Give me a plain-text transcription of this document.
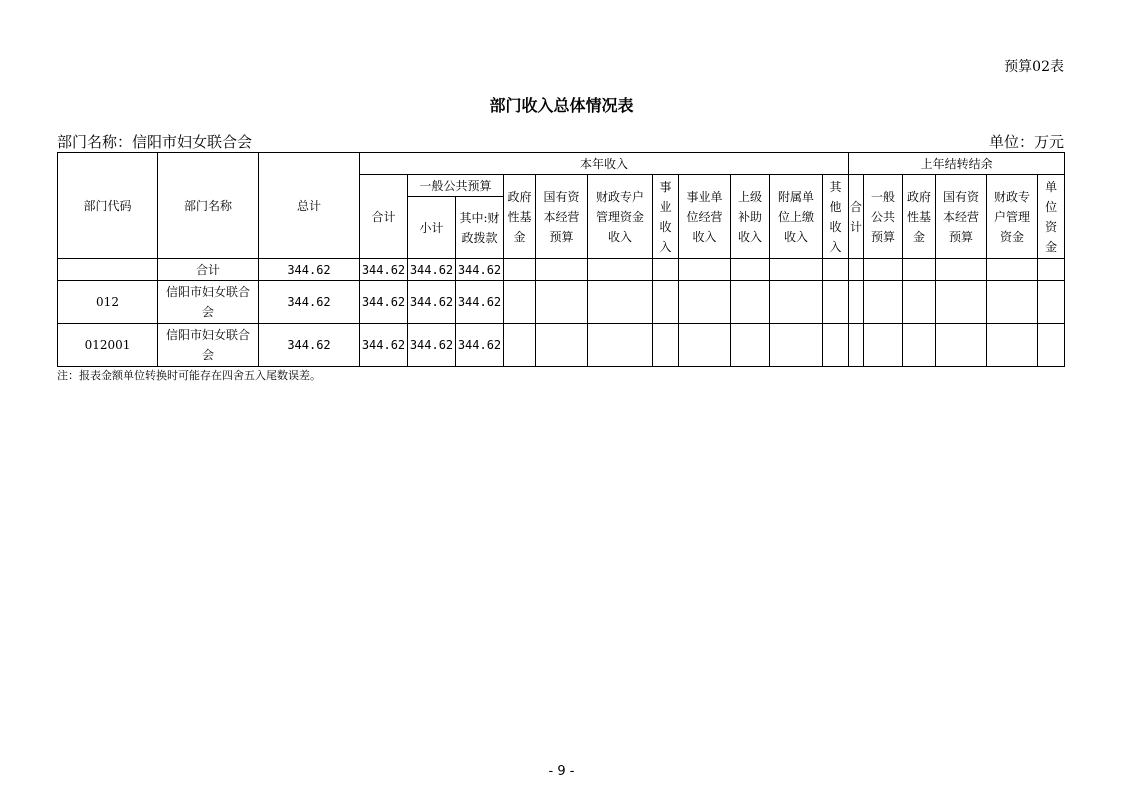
预算02表
部门收入总体情况表
部门名称：信阳市妇女联合会	单位：万元
部门代码	部门名称	总计	本年收入											上年结转结余					
			合计	一般公共预算		政府性基金	国有资本经营预算	财政专户管理资金收入	事业收入	事业单位经营收入	上级补助收入	附属单位上缴收入	其他收入	合计	一般公共预算	政府性基金	国有资本经营预算	财政专户管理资金	单位资金
				小计	其中:财政拨款														
	合计	344.62	344.62	344.62	344.62														
012	信阳市妇女联合会	344.62	344.62	344.62	344.62														
012001	信阳市妇女联合会	344.62	344.62	344.62	344.62														
注：报表金额单位转换时可能存在四舍五入尾数误差。
- 9 -
